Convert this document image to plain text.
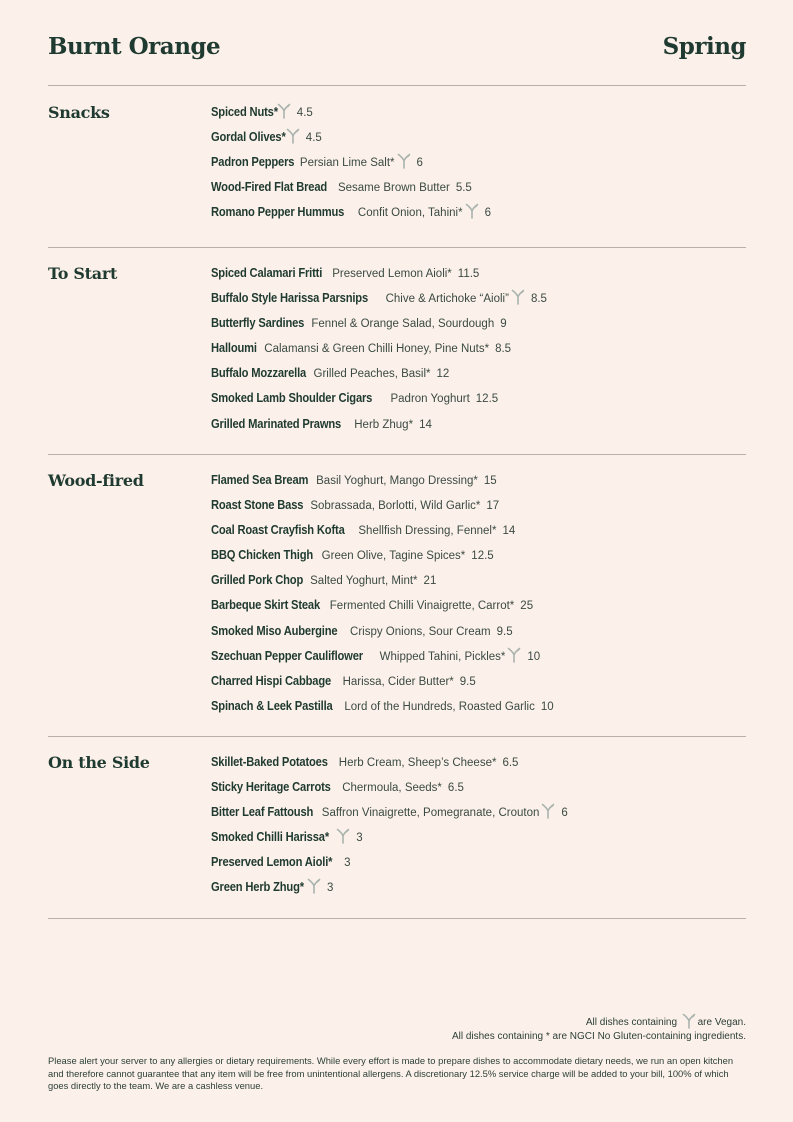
Burnt Orange	Spring
Snacks	Spiced Nuts* 4.5
Gordal Olives* 4.5
Padron Peppers Persian Lime Salt* 6
Wood-Fired Flat Bread Sesame Brown Butter 5.5
Romano Pepper Hummus Confit Onion, Tahini* 6
To Start	Spiced Calamari Fritti Preserved Lemon Aioli* 11.5
Buffalo Style Harissa Parsnips Chive & Artichoke “Aioli” 8.5
Butterfly Sardines Fennel & Orange Salad, Sourdough 9
Halloumi Calamansi & Green Chilli Honey, Pine Nuts* 8.5
Buffalo Mozzarella Grilled Peaches, Basil* 12
Smoked Lamb Shoulder Cigars Padron Yoghurt 12.5
Grilled Marinated Prawns Herb Zhug* 14
Wood-fired	Flamed Sea Bream Basil Yoghurt, Mango Dressing* 15
Roast Stone Bass Sobrassada, Borlotti, Wild Garlic* 17
Coal Roast Crayfish Kofta Shellfish Dressing, Fennel* 14
BBQ Chicken Thigh Green Olive, Tagine Spices* 12.5
Grilled Pork Chop Salted Yoghurt, Mint* 21
Barbeque Skirt Steak Fermented Chilli Vinaigrette, Carrot* 25
Smoked Miso Aubergine Crispy Onions, Sour Cream 9.5
Szechuan Pepper Cauliflower Whipped Tahini, Pickles* 10
Charred Hispi Cabbage Harissa, Cider Butter* 9.5
Spinach & Leek Pastilla Lord of the Hundreds, Roasted Garlic 10
On the Side	Skillet-Baked Potatoes Herb Cream, Sheep’s Cheese* 6.5
Sticky Heritage Carrots Chermoula, Seeds* 6.5
Bitter Leaf Fattoush Saffron Vinaigrette, Pomegranate, Crouton 6
Smoked Chilli Harissa* 3
Preserved Lemon Aioli* 3
Green Herb Zhug* 3
All dishes containing are Vegan.
All dishes containing * are NGCI No Gluten-containing ingredients.
Please alert your server to any allergies or dietary requirements. While every effort is made to prepare dishes to accommodate dietary needs, we run an open kitchen and therefore cannot guarantee that any item will be free from unintentional allergens. A discretionary 12.5% service charge will be added to your bill, 100% of which goes directly to the team. We are a cashless venue.
